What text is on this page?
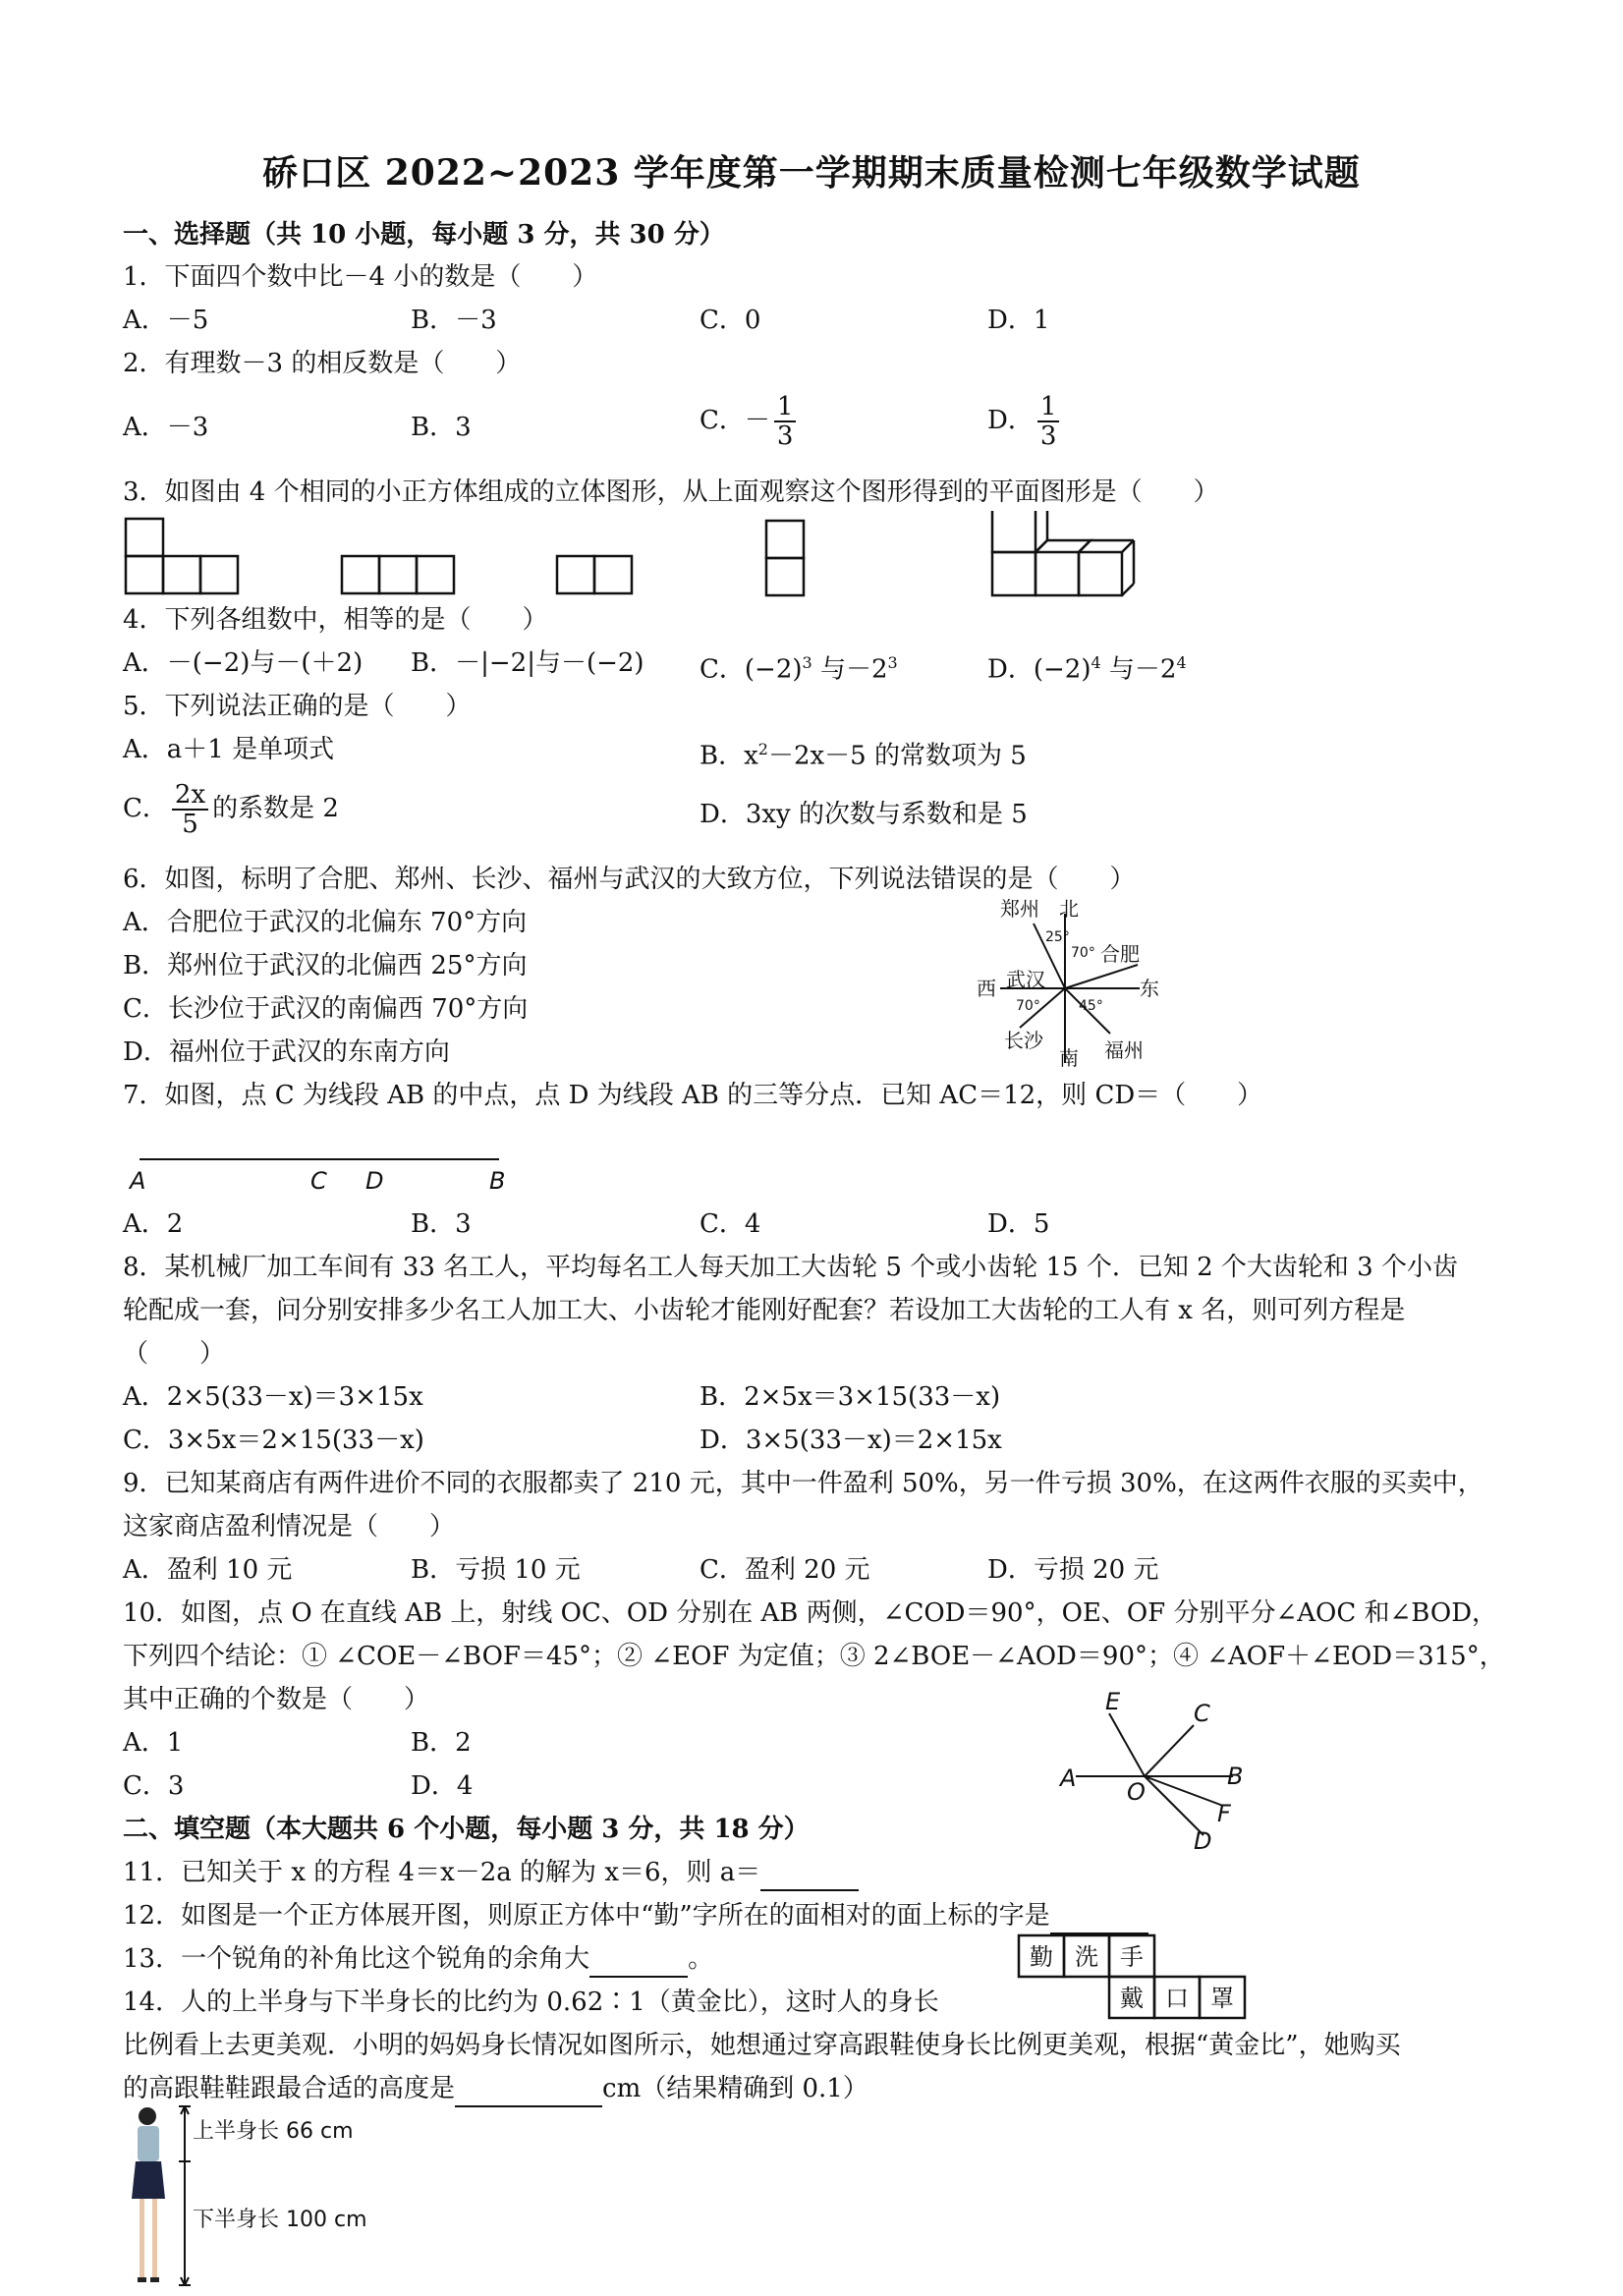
硚口区 2022~2023 学年度第一学期期末质量检测七年级数学试题
一、选择题（共 10 小题，每小题 3 分，共 30 分）
1．下面四个数中比－4 小的数是（　　）
A．－5	B．－3	C．0	D．1
2．有理数－3 的相反数是（　　）
A．－3	B．3	C．－ $\frac{1}{3}$	D． $\frac{1}{3}$
3．如图由 4 个相同的小正方体组成的立体图形，从上面观察这个图形得到的平面图形是（　　）
4．下列各组数中，相等的是（　　）
A．－(−2)与－(＋2) B．－|−2|与－(−2) C．$(-2)^3$ 与$-2^3$	D．$(-2)^4$ 与$-2^4$
5．下列说法正确的是（　　）
A．a＋1 是单项式	B．$x^2-2x-5$ 的常数项为 5
C． $\frac{2x}{5}$ 的系数是 2	D．3xy 的次数与系数和是 5
6．如图，标明了合肥、郑州、长沙、福州与武汉的大致方位，下列说法错误的是（　　）
A．合肥位于武汉的北偏东 70°方向
B．郑州位于武汉的北偏西 25°方向
C．长沙位于武汉的南偏西 70°方向
D．福州位于武汉的东南方向
北
南
东
西
郑州
合肥
武汉
长沙	福州
25°
70°
70°	45°
7．如图，点 C 为线段 AB 的中点，点 D 为线段 AB 的三等分点．已知 AC＝12，则 CD＝（　　）
A	C D	B
A．2	B．3	C．4	D．5
8．某机械厂加工车间有 33 名工人，平均每名工人每天加工大齿轮 5 个或小齿轮 15 个．已知 2 个大齿轮和 3 个小齿
轮配成一套，问分别安排多少名工人加工大、小齿轮才能刚好配套？若设加工大齿轮的工人有 x 名，则可列方程是
（　　）
A．2×5(33－x)＝3×15x	B．2×5x＝3×15(33－x)
C．3×5x＝2×15(33－x)	D．3×5(33－x)＝2×15x
9．已知某商店有两件进价不同的衣服都卖了 210 元，其中一件盈利 50%，另一件亏损 30%，在这两件衣服的买卖中，
这家商店盈利情况是（　　）
A．盈利 10 元	B．亏损 10 元	C．盈利 20 元	D．亏损 20 元
10．如图，点 O 在直线 AB 上，射线 OC、OD 分别在 AB 两侧，∠COD＝90°，OE、OF 分别平分∠AOC 和∠BOD，
下列四个结论：① ∠COE－∠BOF＝45°；② ∠EOF 为定值；③ 2∠BOE－∠AOD＝90°；④ ∠AOF＋∠EOD＝315°，
其中正确的个数是（　　）
A．1	B．2
C．3	D．4
E	C
A O
B
F
D
二、填空题（本大题共 6 个小题，每小题 3 分，共 18 分）
11．已知关于 x 的方程 4＝x－2a 的解为 x＝6，则 a＝
12．如图是一个正方体展开图，则原正方体中“勤”字所在的面相对的面上标的字是
勤 洗 手
戴 口 罩
13．一个锐角的补角比这个锐角的余角大	。
14．人的上半身与下半身长的比约为 0.62∶1（黄金比），这时人的身长
比例看上去更美观．小明的妈妈身长情况如图所示，她想通过穿高跟鞋使身长比例更美观，根据“黄金比”，她购买
的高跟鞋鞋跟最合适的高度是	cm（结果精确到 0.1）
上半身长 66 cm
下半身长 100 cm
